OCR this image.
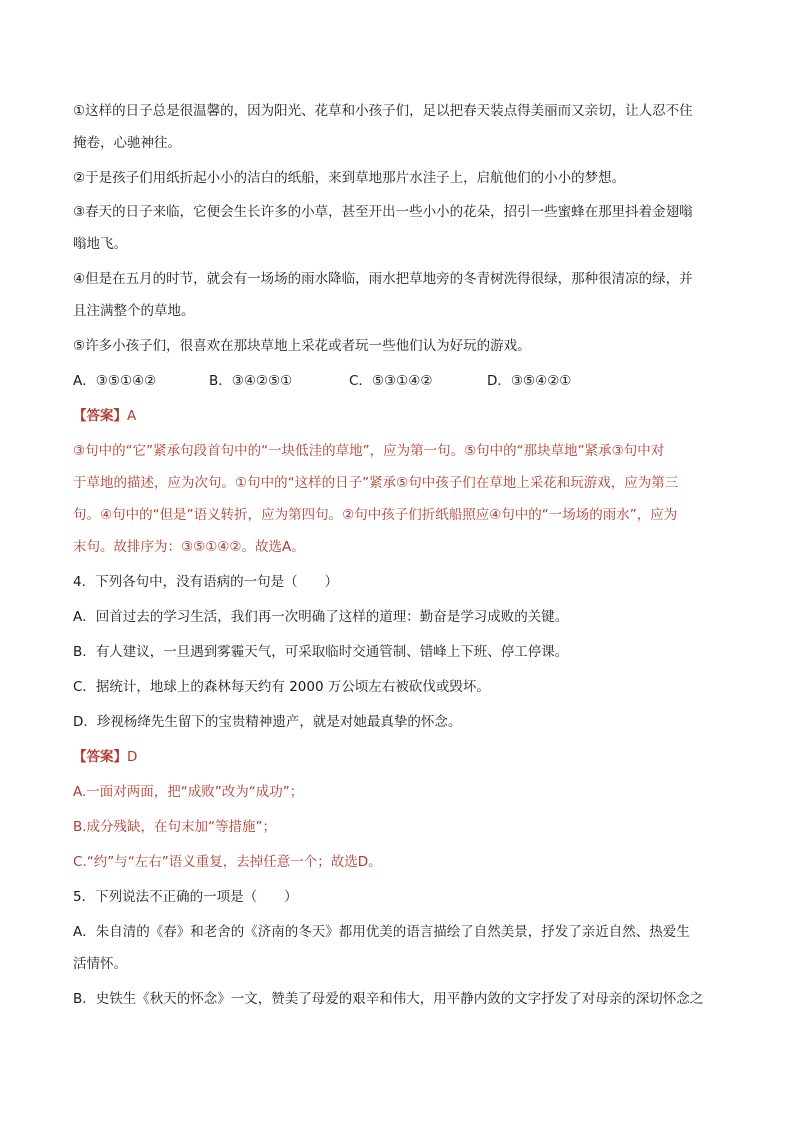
①这样的日子总是很温馨的，因为阳光、花草和小孩子们，足以把春天装点得美丽而又亲切，让人忍不住
掩卷，心驰神往。
②于是孩子们用纸折起小小的洁白的纸船，来到草地那片水洼子上，启航他们的小小的梦想。
③春天的日子来临，它便会生长许多的小草，甚至开出一些小小的花朵，招引一些蜜蜂在那里抖着金翅嗡
嗡地飞。
④但是在五月的时节，就会有一场场的雨水降临，雨水把草地旁的冬青树洗得很绿，那种很清凉的绿，并
且注满整个的草地。
⑤许多小孩子们，很喜欢在那块草地上采花或者玩一些他们认为好玩的游戏。
A．③⑤①④②	B．③④②⑤①	C．⑤③①④②	D．③⑤④②①
【答案】A
③句中的“它”紧承句段首句中的“一块低洼的草地”，应为第一句。⑤句中的“那块草地”紧承③句中对
于草地的描述，应为次句。①句中的“这样的日子”紧承⑤句中孩子们在草地上采花和玩游戏，应为第三
句。④句中的“但是”语义转折，应为第四句。②句中孩子们折纸船照应④句中的“一场场的雨水”，应为
末句。故排序为：③⑤①④②。故选A。
4．下列各句中，没有语病的一句是（　　）
A．回首过去的学习生活，我们再一次明确了这样的道理：勤奋是学习成败的关键。
B．有人建议，一旦遇到雾霾天气，可采取临时交通管制、错峰上下班、停工停课。
C．据统计，地球上的森林每天约有 2000 万公顷左右被砍伐或毁坏。
D．珍视杨绛先生留下的宝贵精神遗产，就是对她最真挚的怀念。
【答案】D
A.一面对两面，把“成败”改为“成功”；
B.成分残缺，在句末加“等措施”；
C.“约”与“左右”语义重复，去掉任意一个；故选D。
5．下列说法不正确的一项是（　　）
A．朱自清的《春》和老舍的《济南的冬天》都用优美的语言描绘了自然美景，抒发了亲近自然、热爱生
活情怀。
B．史铁生《秋天的怀念》一文，赞美了母爱的艰辛和伟大，用平静内敛的文字抒发了对母亲的深切怀念之
